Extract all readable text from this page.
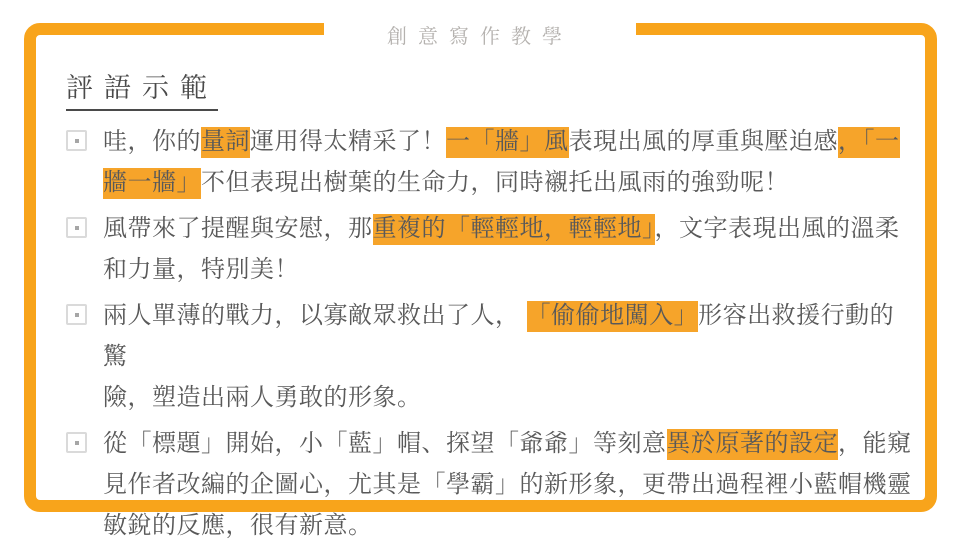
創意寫作教學
評語示範

哇，你的量詞運用得太精采了！一「牆」風表現出風的厚重與壓迫感，「一
牆一牆」不但表現出樹葉的生命力，同時襯托出風雨的強勁呢！

風帶來了提醒與安慰，那重複的「輕輕地，輕輕地」，文字表現出風的溫柔
和力量，特別美！

兩人單薄的戰力，以寡敵眾救出了人， 「偷偷地闖入」形容出救援行動的驚
險，塑造出兩人勇敢的形象。

從「標題」開始，小「藍」帽、探望「爺爺」等刻意異於原著的設定，能窺
見作者改編的企圖心，尤其是「學霸」的新形象，更帶出過程裡小藍帽機靈
敏銳的反應，很有新意。
